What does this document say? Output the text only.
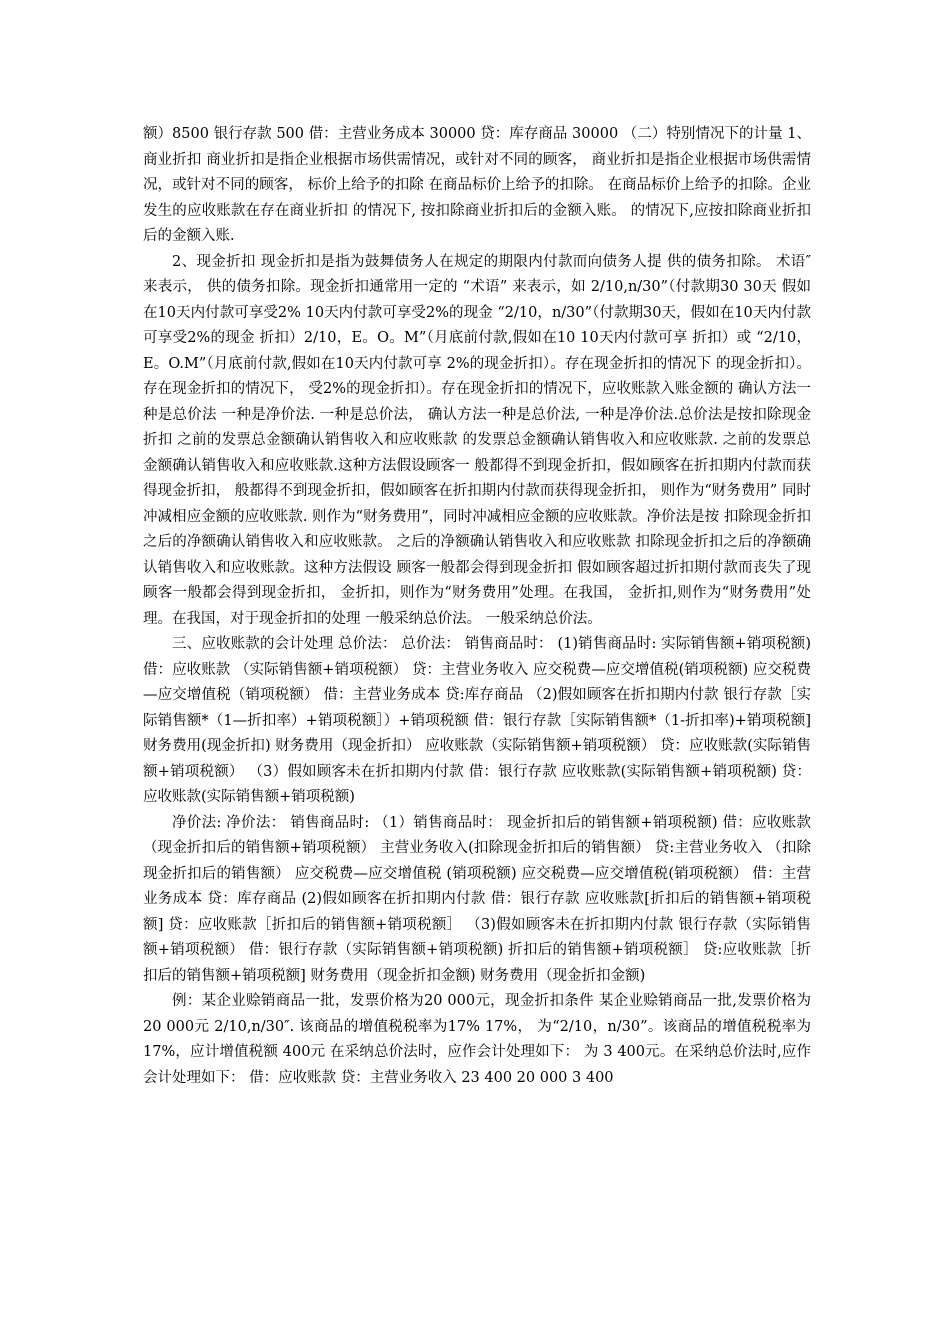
额）8500 银行存款 500 借：主营业务成本 30000 贷：库存商品 30000 （二）特别情况下的计量 1、商业折扣 商业折扣是指企业根据市场供需情况，或针对不同的顾客， 商业折扣是指企业根据市场供需情况，或针对不同的顾客， 标价上给予的扣除 在商品标价上给予的扣除。 在商品标价上给予的扣除。企业发生的应收账款在存在商业折扣 的情况下, 按扣除商业折扣后的金额入账。 的情况下,应按扣除商业折扣后的金额入账.

2、现金折扣 现金折扣是指为鼓舞债务人在规定的期限内付款而向债务人提 供的债务扣除。 术语″ 来表示， 供的债务扣除。现金折扣通常用一定的 “术语” 来表示，如 2/10,n/30”（付款期30 30天 假如在10天内付款可享受2% 10天内付款可享受2%的现金 “2/10，n/30”（付款期30天，假如在10天内付款可享受2%的现金 折扣）2/10，E。O。M”（月底前付款,假如在10 10天内付款可享 折扣）或 “2/10，E。O.M”（月底前付款,假如在10天内付款可享 2%的现金折扣）。存在现金折扣的情况下 的现金折扣）。存在现金折扣的情况下， 受2%的现金折扣）。存在现金折扣的情况下，应收账款入账金额的 确认方法一种是总价法 一种是净价法. 一种是总价法， 确认方法一种是总价法, 一种是净价法.总价法是按扣除现金折扣 之前的发票总金额确认销售收入和应收账款 的发票总金额确认销售收入和应收账款. 之前的发票总金额确认销售收入和应收账款.这种方法假设顾客一 般都得不到现金折扣，假如顾客在折扣期内付款而获得现金折扣， 般都得不到现金折扣，假如顾客在折扣期内付款而获得现金折扣， 则作为“财务费用” 同时冲减相应金额的应收账款. 则作为“财务费用”，同时冲减相应金额的应收账款。净价法是按 扣除现金折扣之后的净额确认销售收入和应收账款。 之后的净额确认销售收入和应收账款 扣除现金折扣之后的净额确认销售收入和应收账款。这种方法假设 顾客一般都会得到现金折扣 假如顾客超过折扣期付款而丧失了现 顾客一般都会得到现金折扣， 金折扣，则作为“财务费用”处理。在我国， 金折扣,则作为“财务费用”处理。在我国，对于现金折扣的处理 一般采纳总价法。 一般采纳总价法。

三、应收账款的会计处理 总价法： 总价法： 销售商品时： (1)销售商品时: 实际销售额+销项税额) 借：应收账款 （实际销售额+销项税额） 贷：主营业务收入 应交税费—应交增值税(销项税额) 应交税费—应交增值税（销项税额） 借：主营业务成本 贷:库存商品 （2)假如顾客在折扣期内付款 银行存款［实际销售额*（1—折扣率）+销项税额］）+销项税额 借：银行存款［实际销售额*（1-折扣率)+销项税额] 财务费用(现金折扣) 财务费用（现金折扣） 应收账款（实际销售额+销项税额） 贷：应收账款(实际销售额+销项税额） （3）假如顾客未在折扣期内付款 借：银行存款 应收账款(实际销售额+销项税额) 贷：应收账款(实际销售额+销项税额)

净价法: 净价法： 销售商品时: （1）销售商品时： 现金折扣后的销售额+销项税额) 借：应收账款 （现金折扣后的销售额+销项税额） 主营业务收入(扣除现金折扣后的销售额） 贷:主营业务收入 （扣除现金折扣后的销售额） 应交税费—应交增值税 (销项税额) 应交税费—应交增值税(销项税额） 借：主营业务成本 贷：库存商品 (2)假如顾客在折扣期内付款 借：银行存款 应收账款[折扣后的销售额+销项税额] 贷：应收账款［折扣后的销售额+销项税额］ （3)假如顾客未在折扣期内付款 银行存款（实际销售额+销项税额） 借：银行存款（实际销售额+销项税额) 折扣后的销售额+销项税额］ 贷:应收账款［折扣后的销售额+销项税额] 财务费用（现金折扣金额) 财务费用（现金折扣金额)

例：某企业赊销商品一批，发票价格为20 000元，现金折扣条件 某企业赊销商品一批,发票价格为 20 000元 2/10,n/30″. 该商品的增值税税率为17% 17%， 为“2/10，n/30”。该商品的增值税税率为17%，应计增值税额 400元 在采纳总价法时，应作会计处理如下： 为 3 400元。在采纳总价法时,应作会计处理如下： 借：应收账款 贷：主营业务收入 23 400 20 000 3 400
